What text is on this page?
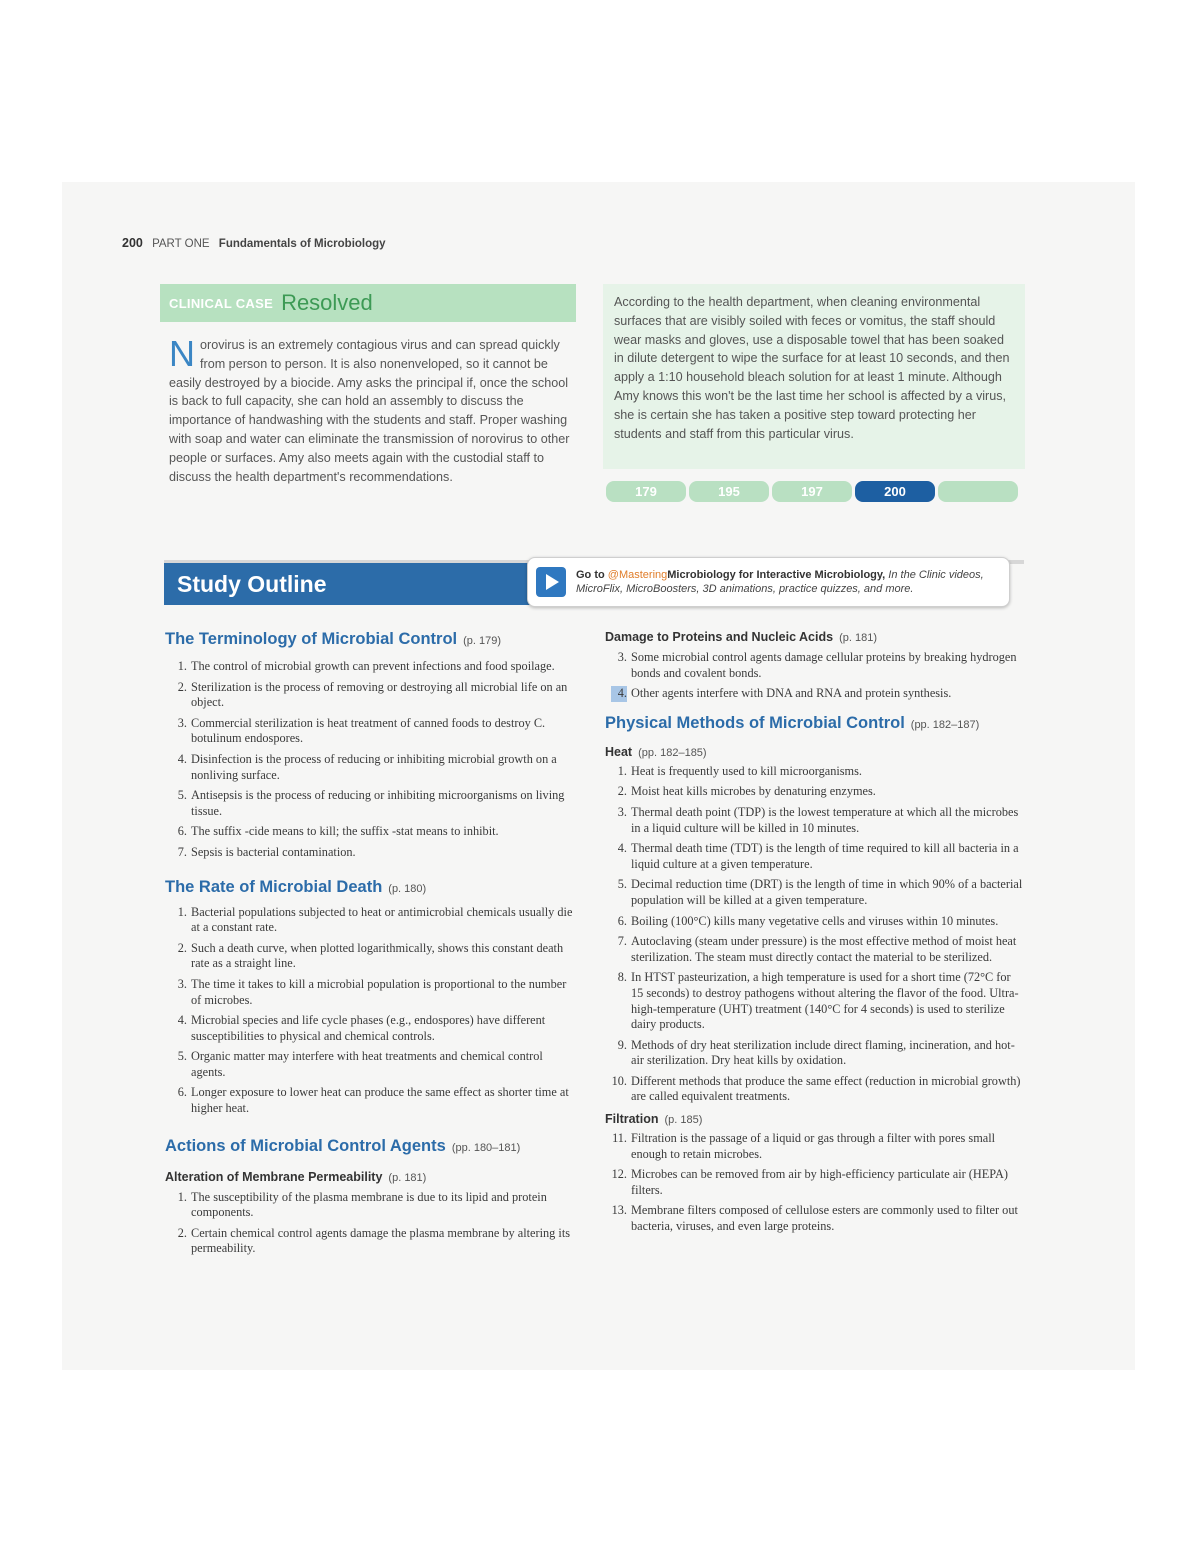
200 PART ONE Fundamentals of Microbiology
CLINICAL CASE Resolved
Norovirus is an extremely contagious virus and can spread quickly from person to person. It is also nonenveloped, so it cannot be easily destroyed by a biocide. Amy asks the principal if, once the school is back to full capacity, she can hold an assembly to discuss the importance of handwashing with the students and staff. Proper washing with soap and water can eliminate the transmission of norovirus to other people or surfaces. Amy also meets again with the custodial staff to discuss the health department's recommendations.
According to the health department, when cleaning environmental surfaces that are visibly soiled with feces or vomitus, the staff should wear masks and gloves, use a disposable towel that has been soaked in dilute detergent to wipe the surface for at least 10 seconds, and then apply a 1:10 household bleach solution for at least 1 minute. Although Amy knows this won't be the last time her school is affected by a virus, she is certain she has taken a positive step toward protecting her students and staff from this particular virus.
179	195	197	200
Study Outline	Go to @MasteringMicrobiology for Interactive Microbiology, In the Clinic videos, MicroFlix, MicroBoosters, 3D animations, practice quizzes, and more.
The Terminology of Microbial Control (p. 179)
1. The control of microbial growth can prevent infections and food spoilage.
2. Sterilization is the process of removing or destroying all microbial life on an object.
3. Commercial sterilization is heat treatment of canned foods to destroy C. botulinum endospores.
4. Disinfection is the process of reducing or inhibiting microbial growth on a nonliving surface.
5. Antisepsis is the process of reducing or inhibiting microorganisms on living tissue.
6. The suffix -cide means to kill; the suffix -stat means to inhibit.
7. Sepsis is bacterial contamination.
The Rate of Microbial Death (p. 180)
1. Bacterial populations subjected to heat or antimicrobial chemicals usually die at a constant rate.
2. Such a death curve, when plotted logarithmically, shows this constant death rate as a straight line.
3. The time it takes to kill a microbial population is proportional to the number of microbes.
4. Microbial species and life cycle phases (e.g., endospores) have different susceptibilities to physical and chemical controls.
5. Organic matter may interfere with heat treatments and chemical control agents.
6. Longer exposure to lower heat can produce the same effect as shorter time at higher heat.
Actions of Microbial Control Agents (pp. 180–181)
Alteration of Membrane Permeability (p. 181)
1. The susceptibility of the plasma membrane is due to its lipid and protein components.
2. Certain chemical control agents damage the plasma membrane by altering its permeability.
Damage to Proteins and Nucleic Acids (p. 181)
3. Some microbial control agents damage cellular proteins by breaking hydrogen bonds and covalent bonds.
4. Other agents interfere with DNA and RNA and protein synthesis.
Physical Methods of Microbial Control (pp. 182–187)
Heat (pp. 182–185)
1. Heat is frequently used to kill microorganisms.
2. Moist heat kills microbes by denaturing enzymes.
3. Thermal death point (TDP) is the lowest temperature at which all the microbes in a liquid culture will be killed in 10 minutes.
4. Thermal death time (TDT) is the length of time required to kill all bacteria in a liquid culture at a given temperature.
5. Decimal reduction time (DRT) is the length of time in which 90% of a bacterial population will be killed at a given temperature.
6. Boiling (100°C) kills many vegetative cells and viruses within 10 minutes.
7. Autoclaving (steam under pressure) is the most effective method of moist heat sterilization. The steam must directly contact the material to be sterilized.
8. In HTST pasteurization, a high temperature is used for a short time (72°C for 15 seconds) to destroy pathogens without altering the flavor of the food. Ultra-high-temperature (UHT) treatment (140°C for 4 seconds) is used to sterilize dairy products.
9. Methods of dry heat sterilization include direct flaming, incineration, and hot-air sterilization. Dry heat kills by oxidation.
10. Different methods that produce the same effect (reduction in microbial growth) are called equivalent treatments.
Filtration (p. 185)
11. Filtration is the passage of a liquid or gas through a filter with pores small enough to retain microbes.
12. Microbes can be removed from air by high-efficiency particulate air (HEPA) filters.
13. Membrane filters composed of cellulose esters are commonly used to filter out bacteria, viruses, and even large proteins.
